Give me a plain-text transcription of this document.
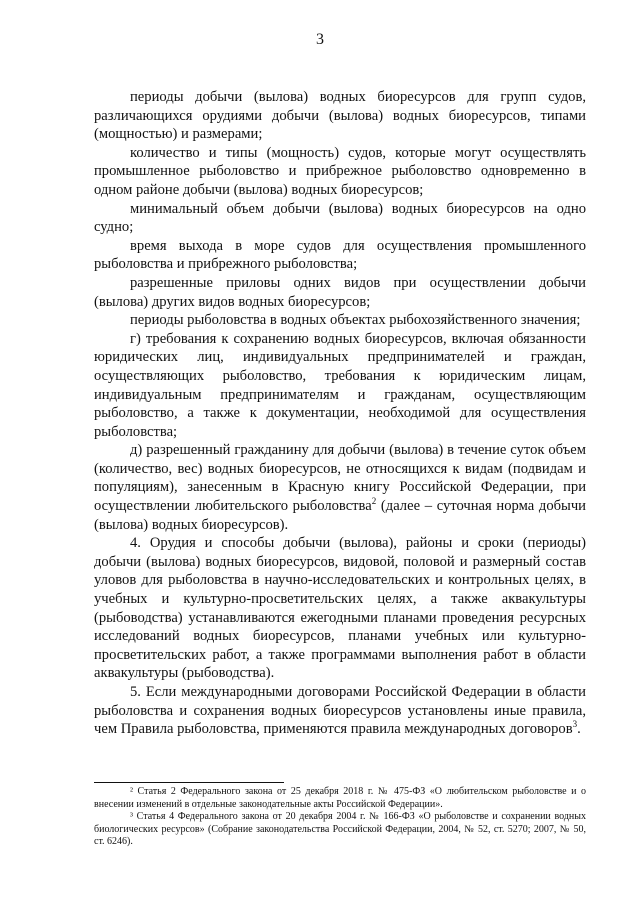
3

периоды добычи (вылова) водных биоресурсов для групп судов, различающихся орудиями добычи (вылова) водных биоресурсов, типами (мощностью) и размерами;

количество и типы (мощность) судов, которые могут осуществлять промышленное рыболовство и прибрежное рыболовство одновременно в одном районе добычи (вылова) водных биоресурсов;

минимальный объем добычи (вылова) водных биоресурсов на одно судно;

время выхода в море судов для осуществления промышленного рыболовства и прибрежного рыболовства;

разрешенные приловы одних видов при осуществлении добычи (вылова) других видов водных биоресурсов;

периоды рыболовства в водных объектах рыбохозяйственного значения;

г) требования к сохранению водных биоресурсов, включая обязанности юридических лиц, индивидуальных предпринимателей и граждан, осуществляющих рыболовство, требования к юридическим лицам, индивидуальным предпринимателям и гражданам, осуществляющим рыболовство, а также к документации, необходимой для осуществления рыболовства;

д) разрешенный гражданину для добычи (вылова) в течение суток объем (количество, вес) водных биоресурсов, не относящихся к видам (подвидам и популяциям), занесенным в Красную книгу Российской Федерации, при осуществлении любительского рыболовства$^2$ (далее – суточная норма добычи (вылова) водных биоресурсов).

4. Орудия и способы добычи (вылова), районы и сроки (периоды) добычи (вылова) водных биоресурсов, видовой, половой и размерный состав уловов для рыболовства в научно-исследовательских и контрольных целях, в учебных и культурно-просветительских целях, а также аквакультуры (рыбоводства) устанавливаются ежегодными планами проведения ресурсных исследований водных биоресурсов, планами учебных или культурно-просветительских работ, а также программами выполнения работ в области аквакультуры (рыбоводства).

5. Если международными договорами Российской Федерации в области рыболовства и сохранения водных биоресурсов установлены иные правила, чем Правила рыболовства, применяются правила международных договоров$^3$.

² Статья 2 Федерального закона от 25 декабря 2018 г. № 475-ФЗ «О любительском рыболовстве и о внесении изменений в отдельные законодательные акты Российской Федерации».

³ Статья 4 Федерального закона от 20 декабря 2004 г. № 166-ФЗ «О рыболовстве и сохранении водных биологических ресурсов» (Собрание законодательства Российской Федерации, 2004, № 52, ст. 5270; 2007, № 50, ст. 6246).
